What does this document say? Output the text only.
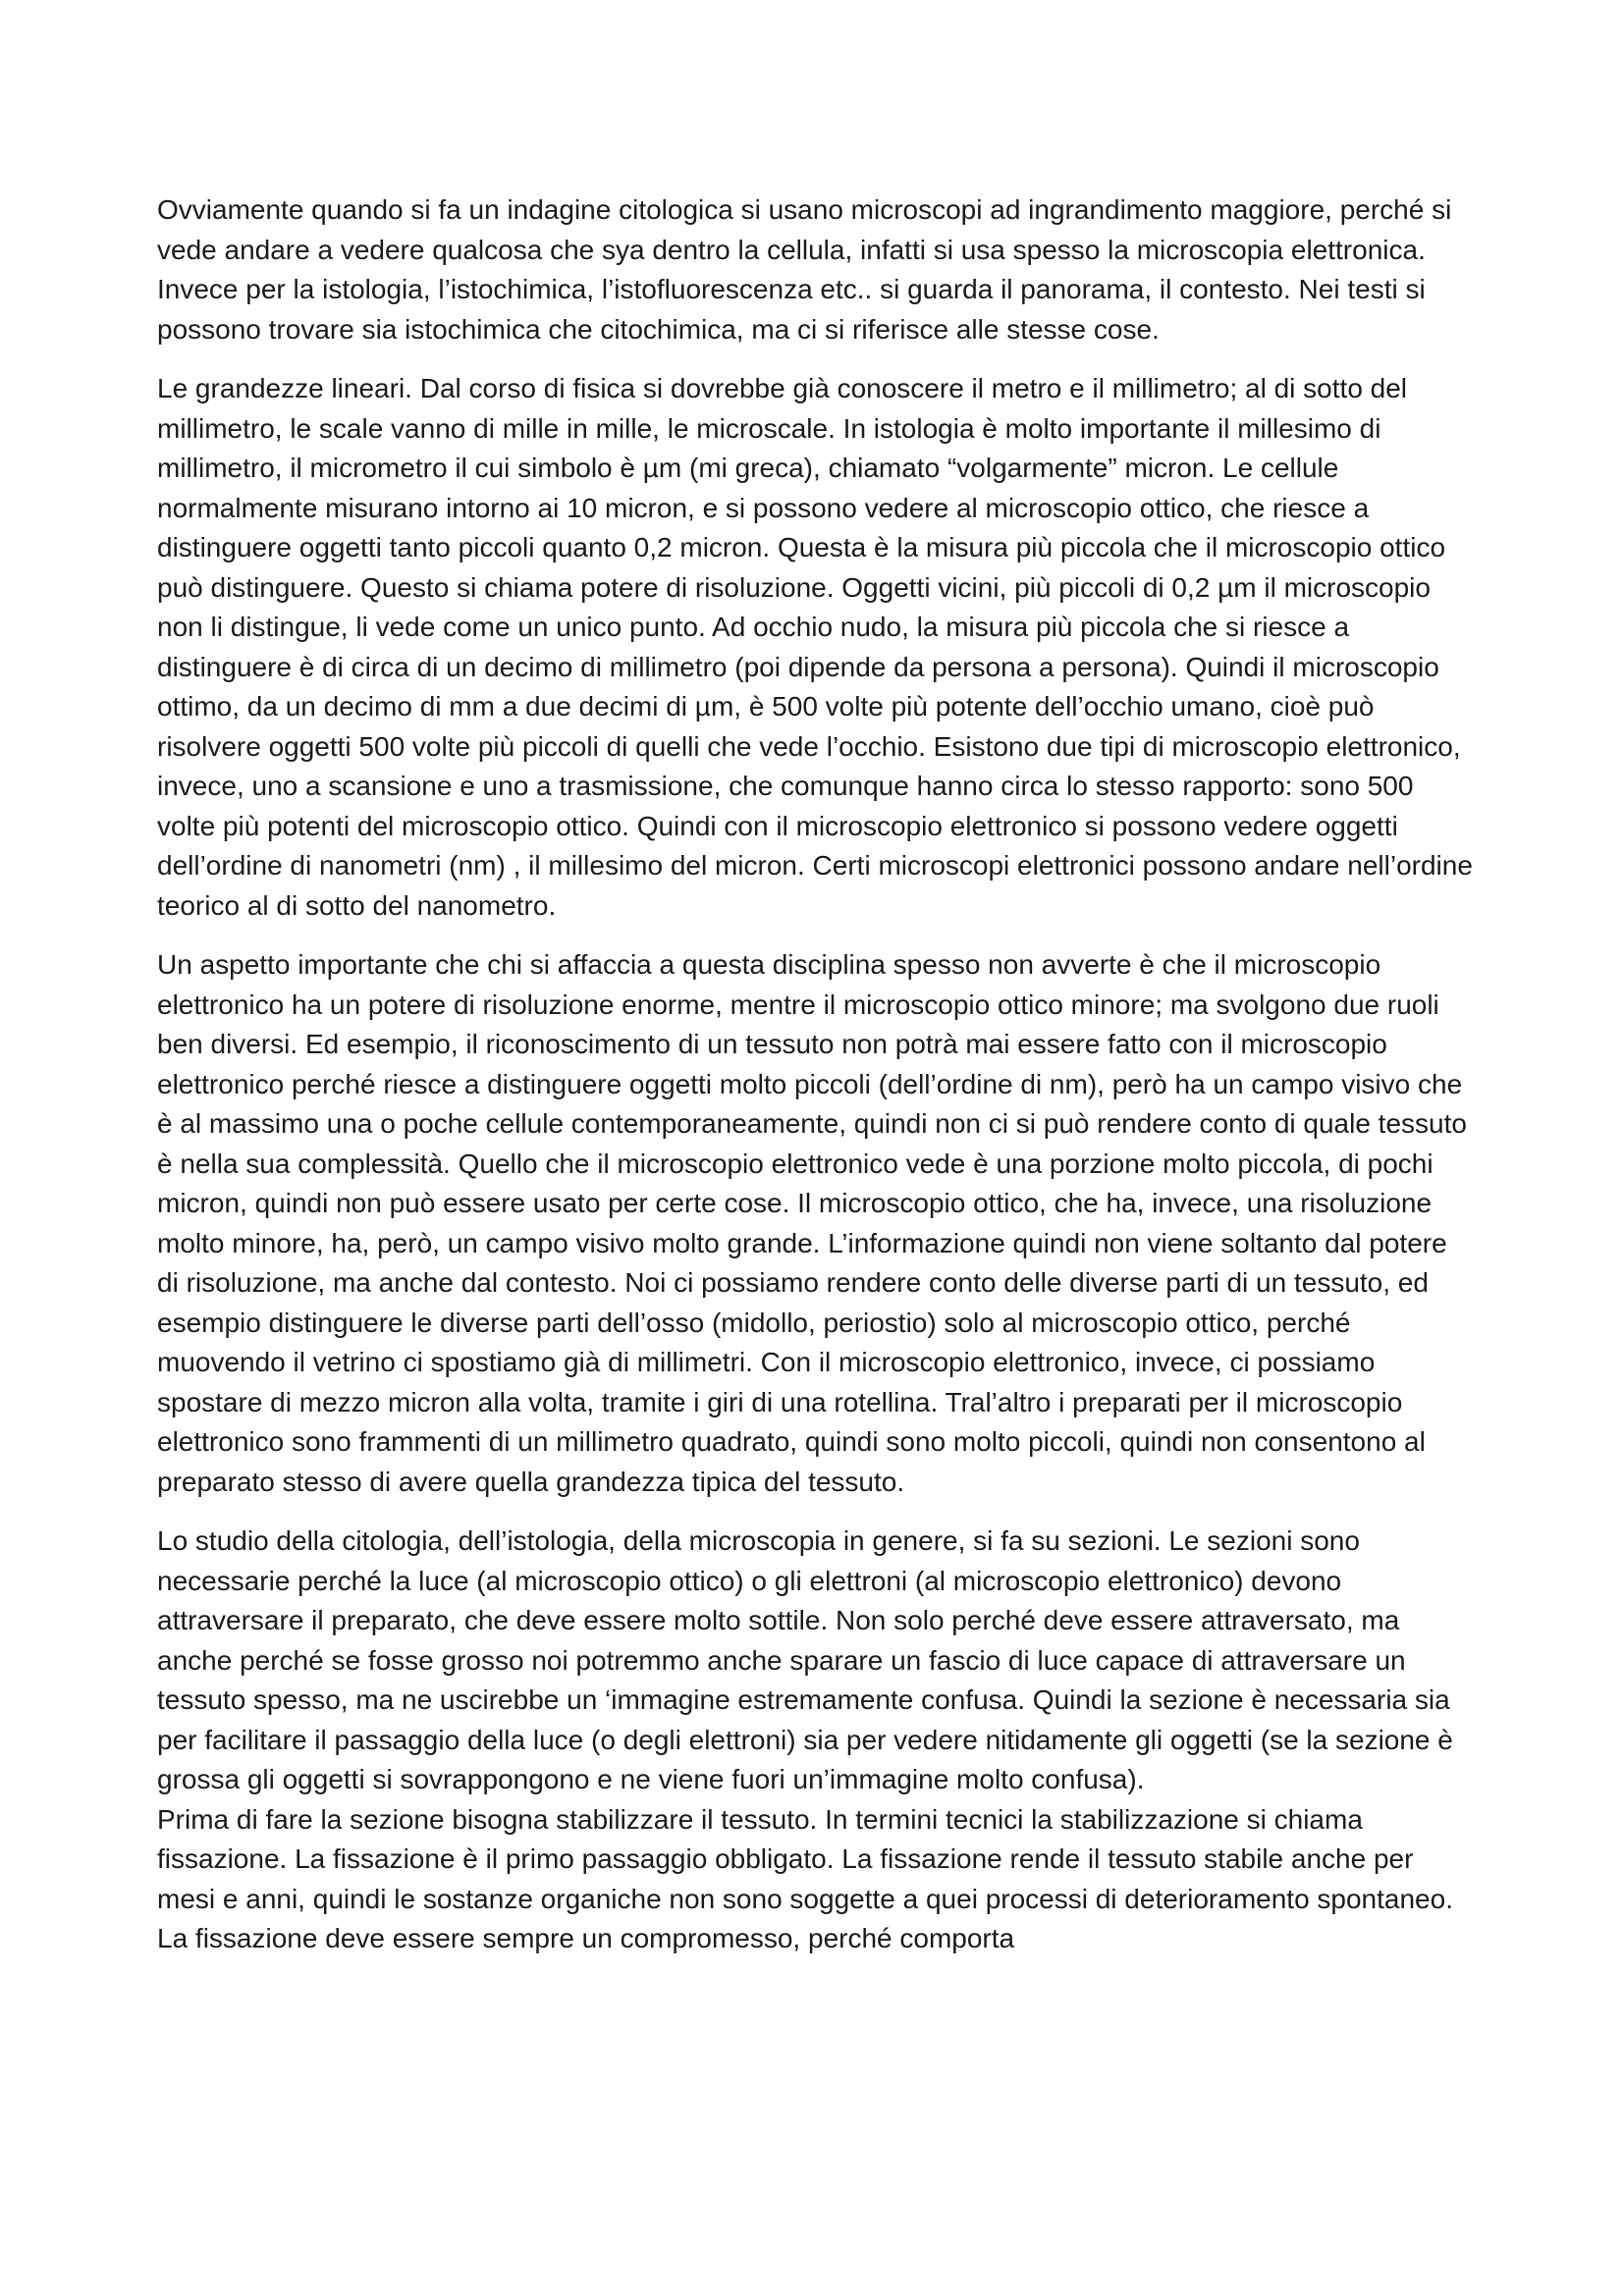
Ovviamente quando si fa un indagine citologica si usano microscopi ad ingrandimento maggiore, perché si vede andare a vedere qualcosa che sya dentro la cellula, infatti si usa spesso la microscopia elettronica. Invece per la istologia, l’istochimica, l’istofluorescenza etc.. si guarda il panorama, il contesto. Nei testi si possono trovare sia istochimica che citochimica, ma ci si riferisce alle stesse cose.

Le grandezze lineari. Dal corso di fisica si dovrebbe già conoscere il metro e il millimetro; al di sotto del millimetro, le scale vanno di mille in mille, le microscale. In istologia è molto importante il millesimo di millimetro, il micrometro il cui simbolo è µm (mi greca), chiamato “volgarmente” micron. Le cellule normalmente misurano intorno ai 10 micron, e si possono vedere al microscopio ottico, che riesce a distinguere oggetti tanto piccoli quanto 0,2 micron. Questa è la misura più piccola che il microscopio ottico può distinguere. Questo si chiama potere di risoluzione. Oggetti vicini, più piccoli di 0,2 µm il microscopio non li distingue, li vede come un unico punto. Ad occhio nudo, la misura più piccola che si riesce a distinguere è di circa di un decimo di millimetro (poi dipende da persona a persona). Quindi il microscopio ottimo, da un decimo di mm a due decimi di µm, è 500 volte più potente dell’occhio umano, cioè può risolvere oggetti 500 volte più piccoli di quelli che vede l’occhio. Esistono due tipi di microscopio elettronico, invece, uno a scansione e uno a trasmissione, che comunque hanno circa lo stesso rapporto: sono 500 volte più potenti del microscopio ottico. Quindi con il microscopio elettronico si possono vedere oggetti dell’ordine di nanometri (nm) , il millesimo del micron. Certi microscopi elettronici possono andare nell’ordine teorico al di sotto del nanometro.

Un aspetto importante che chi si affaccia a questa disciplina spesso non avverte è che il microscopio elettronico ha un potere di risoluzione enorme, mentre il microscopio ottico minore; ma svolgono due ruoli ben diversi. Ed esempio, il riconoscimento di un tessuto non potrà mai essere fatto con il microscopio elettronico perché riesce a distinguere oggetti molto piccoli (dell’ordine di nm), però ha un campo visivo che è al massimo una o poche cellule contemporaneamente, quindi non ci si può rendere conto di quale tessuto è nella sua complessità. Quello che il microscopio elettronico vede è una porzione molto piccola, di pochi micron, quindi non può essere usato per certe cose. Il microscopio ottico, che ha, invece, una risoluzione molto minore, ha, però, un campo visivo molto grande. L’informazione quindi non viene soltanto dal potere di risoluzione, ma anche dal contesto. Noi ci possiamo rendere conto delle diverse parti di un tessuto, ed esempio distinguere le diverse parti dell’osso (midollo, periostio) solo al microscopio ottico, perché muovendo il vetrino ci spostiamo già di millimetri. Con il microscopio elettronico, invece, ci possiamo spostare di mezzo micron alla volta, tramite i giri di una rotellina. Tral’altro i preparati per il microscopio elettronico sono frammenti di un millimetro quadrato, quindi sono molto piccoli, quindi non consentono al preparato stesso di avere quella grandezza tipica del tessuto.

Lo studio della citologia, dell’istologia, della microscopia in genere, si fa su sezioni. Le sezioni sono necessarie perché la luce (al microscopio ottico) o gli elettroni (al microscopio elettronico) devono attraversare il preparato, che deve essere molto sottile. Non solo perché deve essere attraversato, ma anche perché se fosse grosso noi potremmo anche sparare un fascio di luce capace di attraversare un tessuto spesso, ma ne uscirebbe un ‘immagine estremamente confusa. Quindi la sezione è necessaria sia per facilitare il passaggio della luce (o degli elettroni) sia per vedere nitidamente gli oggetti (se la sezione è grossa gli oggetti si sovrappongono e ne viene fuori un’immagine molto confusa).

Prima di fare la sezione bisogna stabilizzare il tessuto. In termini tecnici la stabilizzazione si chiama fissazione. La fissazione è il primo passaggio obbligato. La fissazione rende il tessuto stabile anche per mesi e anni, quindi le sostanze organiche non sono soggette a quei processi di deterioramento spontaneo. La fissazione deve essere sempre un compromesso, perché comporta
